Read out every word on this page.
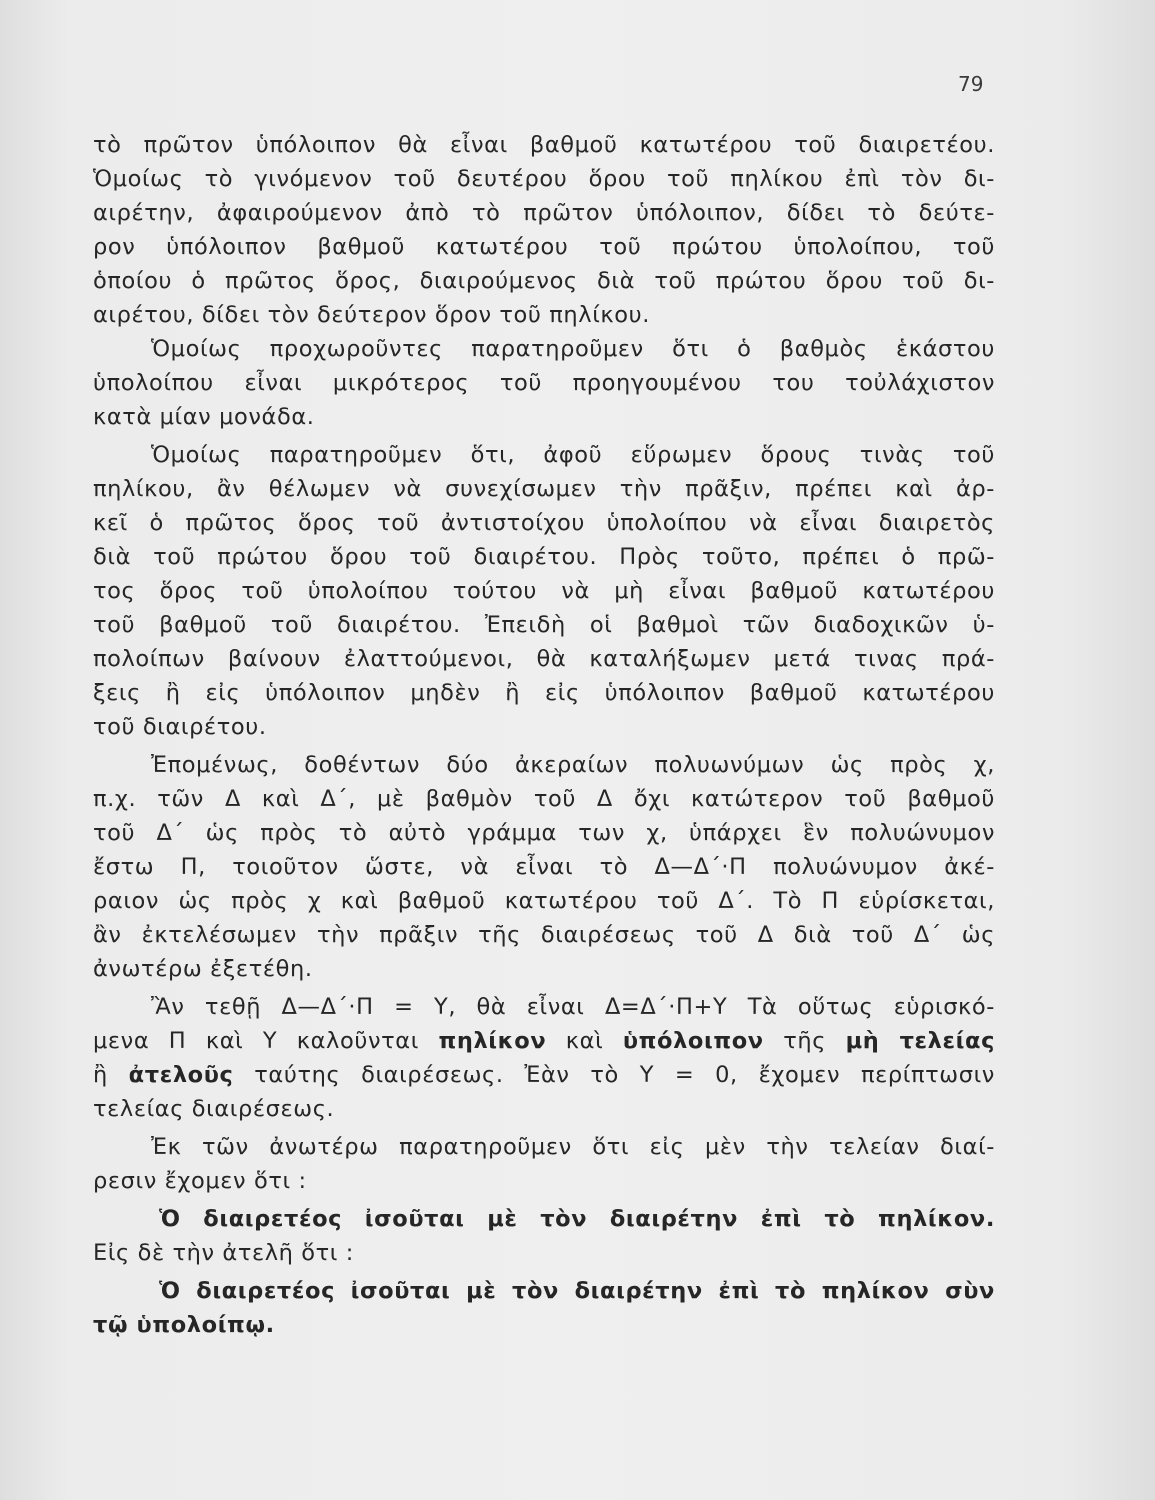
79
τὸ πρῶτον ὑπόλοιπον θὰ εἶναι βαθμοῦ κατωτέρου τοῦ διαιρετέου.
Ὁμοίως τὸ γινόμενον τοῦ δευτέρου ὅρου τοῦ πηλίκου ἐπὶ τὸν δι-
αιρέτην, ἀφαιρούμενον ἀπὸ τὸ πρῶτον ὑπόλοιπον, δίδει τὸ δεύτε-
ρον ὑπόλοιπον βαθμοῦ κατωτέρου τοῦ πρώτου ὑπολοίπου, τοῦ
ὁποίου ὁ πρῶτος ὅρος, διαιρούμενος διὰ τοῦ πρώτου ὅρου τοῦ δι-
αιρέτου, δίδει τὸν δεύτερον ὅρον τοῦ πηλίκου.
Ὁμοίως προχωροῦντες παρατηροῦμεν ὅτι ὁ βαθμὸς ἑκάστου
ὑπολοίπου εἶναι μικρότερος τοῦ προηγουμένου του τοὐλάχιστον
κατὰ μίαν μονάδα.
Ὁμοίως παρατηροῦμεν ὅτι, ἀφοῦ εὕρωμεν ὅρους τινὰς τοῦ
πηλίκου, ἂν θέλωμεν νὰ συνεχίσωμεν τὴν πρᾶξιν, πρέπει καὶ ἀρ-
κεῖ ὁ πρῶτος ὅρος τοῦ ἀντιστοίχου ὑπολοίπου νὰ εἶναι διαιρετὸς
διὰ τοῦ πρώτου ὅρου τοῦ διαιρέτου. Πρὸς τοῦτο, πρέπει ὁ πρῶ-
τος ὅρος τοῦ ὑπολοίπου τούτου νὰ μὴ εἶναι βαθμοῦ κατωτέρου
τοῦ βαθμοῦ τοῦ διαιρέτου. Ἐπειδὴ οἱ βαθμοὶ τῶν διαδοχικῶν ὑ-
πολοίπων βαίνουν ἐλαττούμενοι, θὰ καταλήξωμεν μετά τινας πρά-
ξεις ἢ εἰς ὑπόλοιπον μηδὲν ἢ εἰς ὑπόλοιπον βαθμοῦ κατωτέρου
τοῦ διαιρέτου.
Ἐπομένως, δοθέντων δύο ἀκεραίων πολυωνύμων ὡς πρὸς χ,
π.χ. τῶν Δ καὶ Δ΄, μὲ βαθμὸν τοῦ Δ ὄχι κατώτερον τοῦ βαθμοῦ
τοῦ Δ΄ ὡς πρὸς τὸ αὐτὸ γράμμα των χ, ὑπάρχει ἓν πολυώνυμον
ἔστω Π, τοιοῦτον ὥστε, νὰ εἶναι τὸ Δ—Δ΄·Π πολυώνυμον ἀκέ-
ραιον ὡς πρὸς χ καὶ βαθμοῦ κατωτέρου τοῦ Δ΄. Τὸ Π εὑρίσκεται,
ἂν ἐκτελέσωμεν τὴν πρᾶξιν τῆς διαιρέσεως τοῦ Δ διὰ τοῦ Δ΄ ὡς
ἀνωτέρω ἐξετέθη.
Ἂν τεθῇ Δ—Δ΄·Π = Υ, θὰ εἶναι Δ=Δ΄·Π+Υ Τὰ οὕτως εὑρισκό-
μενα Π καὶ Υ καλοῦνται πηλίκον καὶ ὑπόλοιπον τῆς μὴ τελείας
ἢ ἀτελοῦς ταύτης διαιρέσεως. Ἐὰν τὸ Υ = 0, ἔχομεν περίπτωσιν
τελείας διαιρέσεως.
Ἐκ τῶν ἀνωτέρω παρατηροῦμεν ὅτι εἰς μὲν τὴν τελείαν διαί-
ρεσιν ἔχομεν ὅτι :
Ὁ διαιρετέος ἰσοῦται μὲ τὸν διαιρέτην ἐπὶ τὸ πηλίκον.
Εἰς δὲ τὴν ἀτελῆ ὅτι :
Ὁ διαιρετέος ἰσοῦται μὲ τὸν διαιρέτην ἐπὶ τὸ πηλίκον σὺν
τῷ ὑπολοίπῳ.
